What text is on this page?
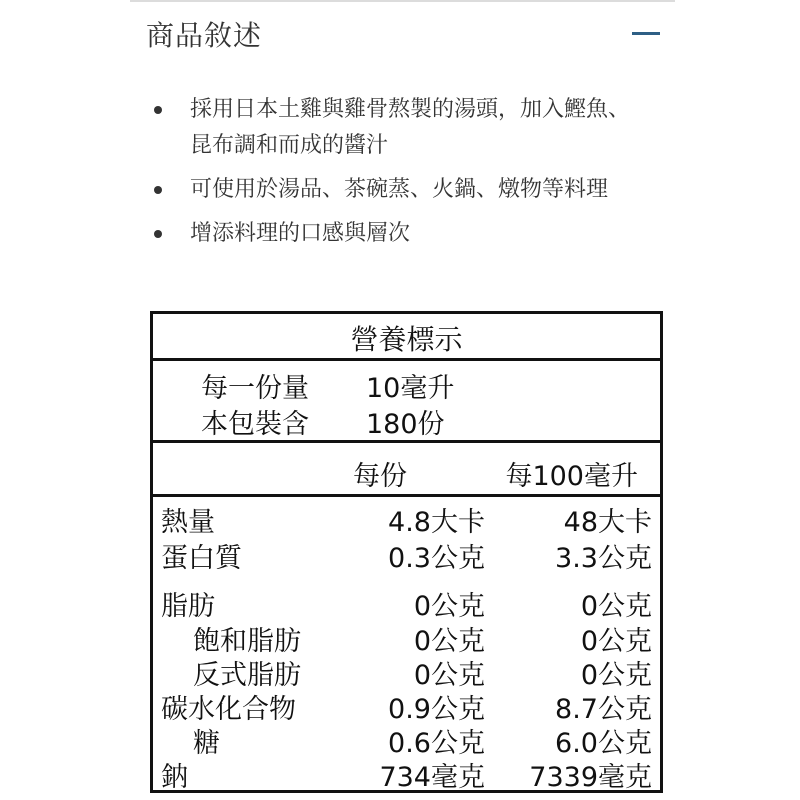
商品敘述
採用日本土雞與雞骨熬製的湯頭，加入鰹魚、昆布調和而成的醬汁
可使用於湯品、茶碗蒸、火鍋、燉物等料理
增添料理的口感與層次
營養標示
每一份量 10毫升
本包裝含 180份
每份	每100毫升
熱量	4.8大卡	48大卡
蛋白質	0.3公克	3.3公克
脂肪	0公克	0公克
飽和脂肪	0公克	0公克
反式脂肪	0公克	0公克
碳水化合物	0.9公克	8.7公克
糖	0.6公克	6.0公克
鈉	734毫克 7339毫克
